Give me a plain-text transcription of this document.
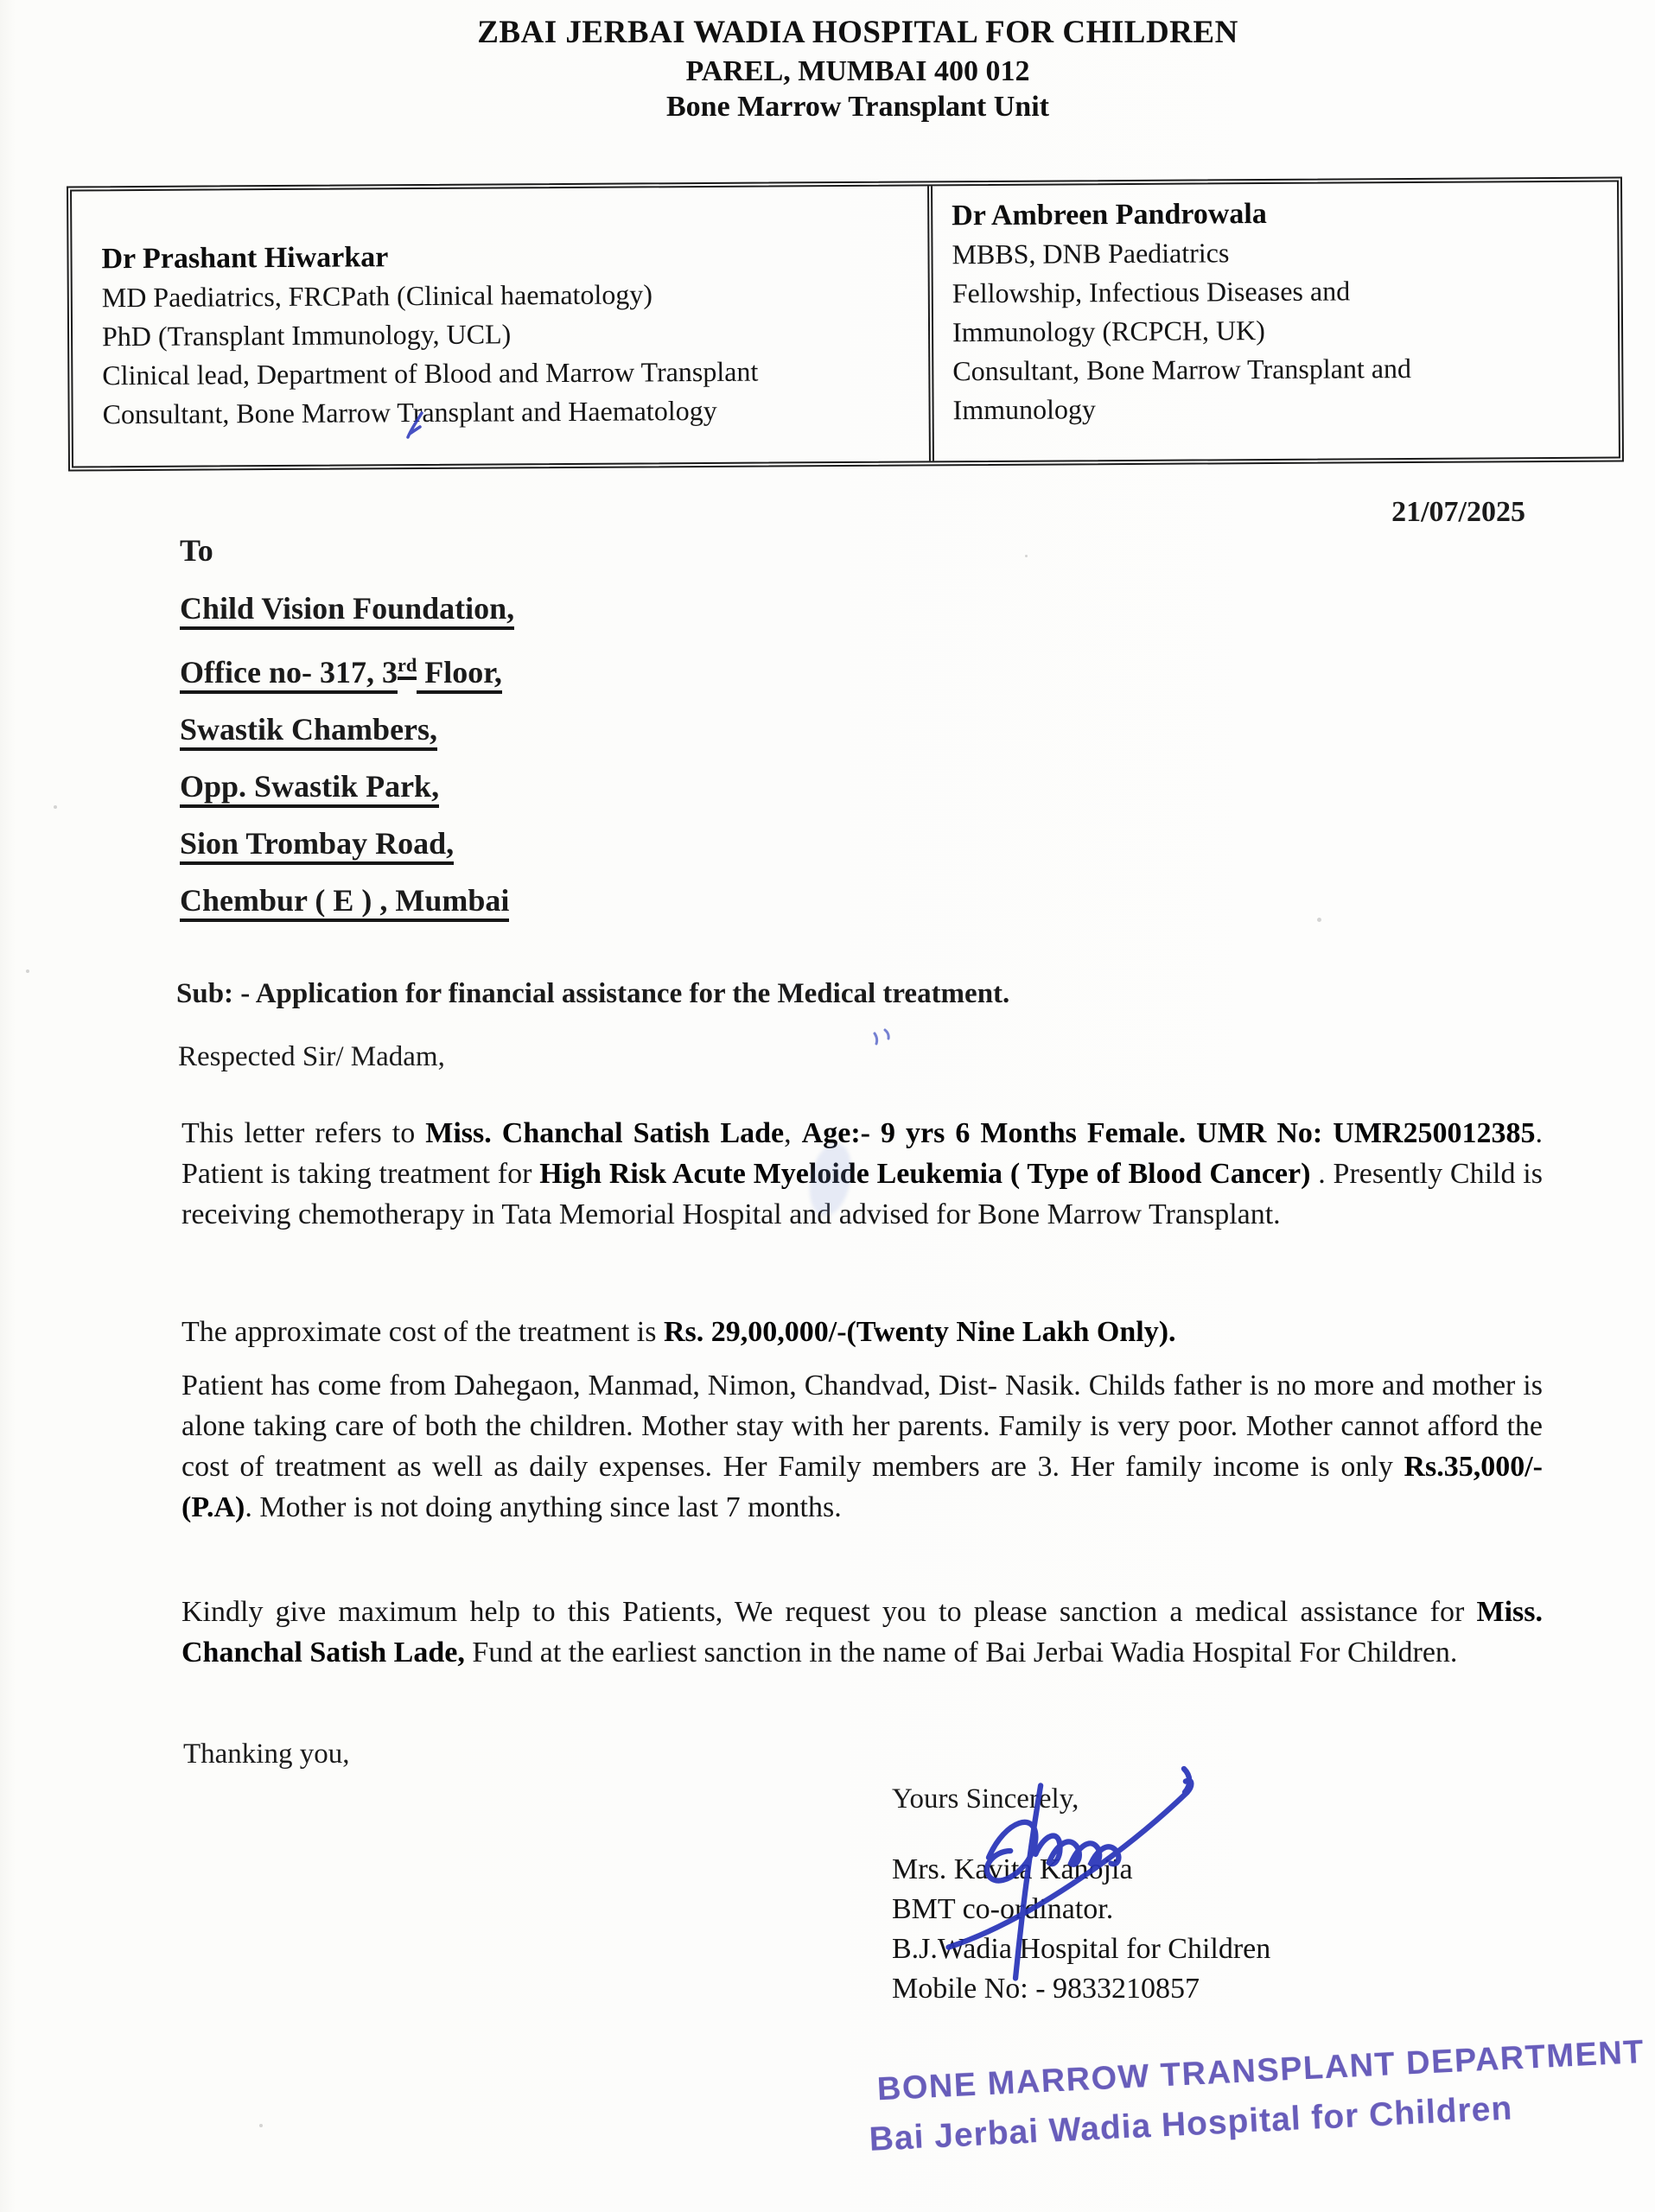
ZBAI JERBAI WADIA HOSPITAL FOR CHILDREN
PAREL, MUMBAI 400 012
Bone Marrow Transplant Unit
Dr Prashant Hiwarkar
MD Paediatrics, FRCPath (Clinical haematology)
PhD (Transplant Immunology, UCL)
Clinical lead, Department of Blood and Marrow Transplant
Consultant, Bone Marrow Transplant and Haematology
Dr Ambreen Pandrowala
MBBS, DNB Paediatrics
Fellowship, Infectious Diseases and
Immunology (RCPCH, UK)
Consultant, Bone Marrow Transplant and
Immunology
21/07/2025
To
Child Vision Foundation,
Office no- 317, 3rd Floor,
Swastik Chambers,
Opp. Swastik Park,
Sion Trombay Road,
Chembur ( E ) , Mumbai
Sub: - Application for financial assistance for the Medical treatment.
Respected Sir/ Madam,

This letter refers to Miss. Chanchal Satish Lade, Age:- 9 yrs 6 Months Female. UMR No: UMR250012385. Patient is taking treatment for High Risk Acute Myeloide Leukemia ( Type of Blood Cancer) . Presently Child is receiving chemotherapy in Tata Memorial Hospital and advised for Bone Marrow Transplant.

The approximate cost of the treatment is Rs. 29,00,000/-(Twenty Nine Lakh Only).

Patient has come from Dahegaon, Manmad, Nimon, Chandvad, Dist- Nasik. Childs father is no more and mother is alone taking care of both the children. Mother stay with her parents. Family is very poor. Mother cannot afford the cost of treatment as well as daily expenses. Her Family members are 3. Her family income is only Rs.35,000/-(P.A). Mother is not doing anything since last 7 months.

Kindly give maximum help to this Patients, We request you to please sanction a medical assistance for Miss. Chanchal Satish Lade, Fund at the earliest sanction in the name of Bai Jerbai Wadia Hospital For Children.

Thanking you,
Yours Sincerely,
Mrs. Kavita Kanojia
BMT co-ordinator.
B.J.Wadia Hospital for Children
Mobile No: - 9833210857
BONE MARROW TRANSPLANT DEPARTMENT
Bai Jerbai Wadia Hospital for Children
